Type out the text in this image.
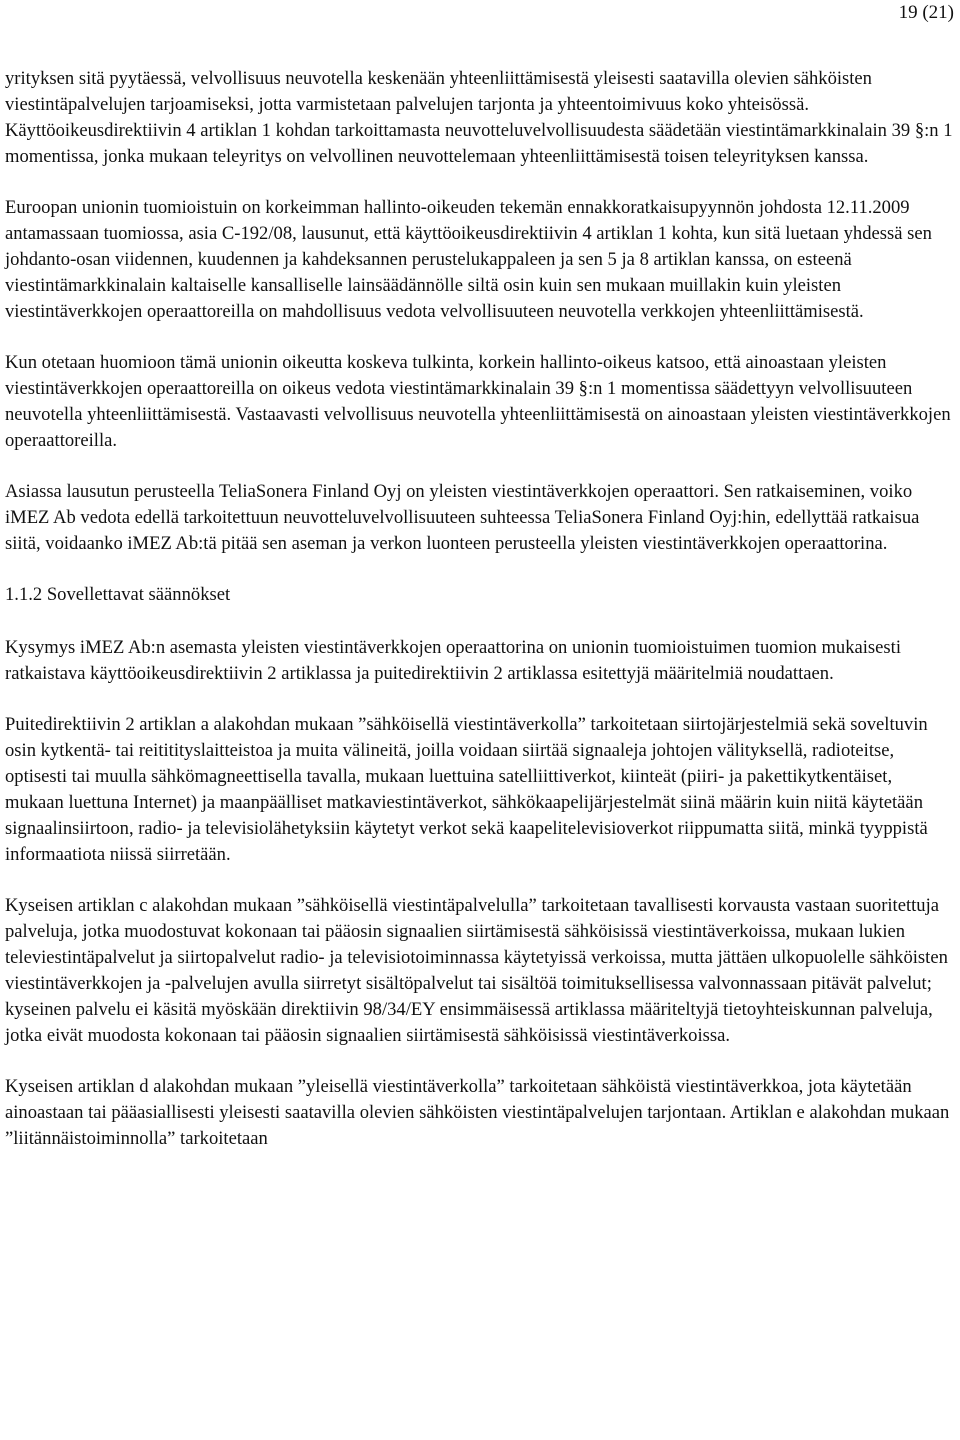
19 (21)

yrityksen sitä pyytäessä, velvollisuus neuvotella keskenään yhteenliittämisestä yleisesti saatavilla olevien sähköisten viestintäpalvelujen tarjoamiseksi, jotta varmistetaan palvelujen tarjonta ja yhteentoimivuus koko yhteisössä. Käyttöoikeusdirektiivin 4 artiklan 1 kohdan tarkoittamasta neuvotteluvelvollisuudesta säädetään viestintämarkkinalain 39 §:n 1 momentissa, jonka mukaan teleyritys on velvollinen neuvottelemaan yhteenliittämisestä toisen teleyrityksen kanssa.

Euroopan unionin tuomioistuin on korkeimman hallinto-oikeuden tekemän ennakkoratkaisupyynnön johdosta 12.11.2009 antamassaan tuomiossa, asia C-192/08, lausunut, että käyttöoikeusdirektiivin 4 artiklan 1 kohta, kun sitä luetaan yhdessä sen johdanto-osan viidennen, kuudennen ja kahdeksannen perustelukappaleen ja sen 5 ja 8 artiklan kanssa, on esteenä viestintämarkkinalain kaltaiselle kansalliselle lainsäädännölle siltä osin kuin sen mukaan muillakin kuin yleisten viestintäverkkojen operaattoreilla on mahdollisuus vedota velvollisuuteen neuvotella verkkojen yhteenliittämisestä.

Kun otetaan huomioon tämä unionin oikeutta koskeva tulkinta, korkein hallinto-oikeus katsoo, että ainoastaan yleisten viestintäverkkojen operaattoreilla on oikeus vedota viestintämarkkinalain 39 §:n 1 momentissa säädettyyn velvollisuuteen neuvotella yhteenliittämisestä. Vastaavasti velvollisuus neuvotella yhteenliittämisestä on ainoastaan yleisten viestintäverkkojen operaattoreilla.

Asiassa lausutun perusteella TeliaSonera Finland Oyj on yleisten viestintäverkkojen operaattori. Sen ratkaiseminen, voiko iMEZ Ab vedota edellä tarkoitettuun neuvotteluvelvollisuuteen suhteessa TeliaSonera Finland Oyj:hin, edellyttää ratkaisua siitä, voidaanko iMEZ Ab:tä pitää sen aseman ja verkon luonteen perusteella yleisten viestintäverkkojen operaattorina.

1.1.2 Sovellettavat säännökset

Kysymys iMEZ Ab:n asemasta yleisten viestintäverkkojen operaattorina on unionin tuomioistuimen tuomion mukaisesti ratkaistava käyttöoikeusdirektiivin 2 artiklassa ja puitedirektiivin 2 artiklassa esitettyjä määritelmiä noudattaen.

Puitedirektiivin 2 artiklan a alakohdan mukaan ”sähköisellä viestintäverkolla” tarkoitetaan siirtojärjestelmiä sekä soveltuvin osin kytkentä- tai reititityslaitteistoa ja muita välineitä, joilla voidaan siirtää signaaleja johtojen välityksellä, radioteitse, optisesti tai muulla sähkömagneettisella tavalla, mukaan luettuina satelliittiverkot, kiinteät (piiri- ja pakettikytkentäiset, mukaan luettuna Internet) ja maanpäälliset matkaviestintäverkot, sähkökaapelijärjestelmät siinä määrin kuin niitä käytetään signaalinsiirtoon, radio- ja televisiolähetyksiin käytetyt verkot sekä kaapelitelevisioverkot riippumatta siitä, minkä tyyppistä informaatiota niissä siirretään.

Kyseisen artiklan c alakohdan mukaan ”sähköisellä viestintäpalvelulla” tarkoitetaan tavallisesti korvausta vastaan suoritettuja palveluja, jotka muodostuvat kokonaan tai pääosin signaalien siirtämisestä sähköisissä viestintäverkoissa, mukaan lukien televiestintäpalvelut ja siirtopalvelut radio- ja televisiotoiminnassa käytetyissä verkoissa, mutta jättäen ulkopuolelle sähköisten viestintäverkkojen ja -palvelujen avulla siirretyt sisältöpalvelut tai sisältöä toimituksellisessa valvonnassaan pitävät palvelut; kyseinen palvelu ei käsitä myöskään direktiivin 98/34/EY ensimmäisessä artiklassa määriteltyjä tietoyhteiskunnan palveluja, jotka eivät muodosta kokonaan tai pääosin signaalien siirtämisestä sähköisissä viestintäverkoissa.

Kyseisen artiklan d alakohdan mukaan ”yleisellä viestintäverkolla” tarkoitetaan sähköistä viestintäverkkoa, jota käytetään ainoastaan tai pääasiallisesti yleisesti saatavilla olevien sähköisten viestintäpalvelujen tarjontaan. Artiklan e alakohdan mukaan ”liitännäistoiminnolla” tarkoitetaan
